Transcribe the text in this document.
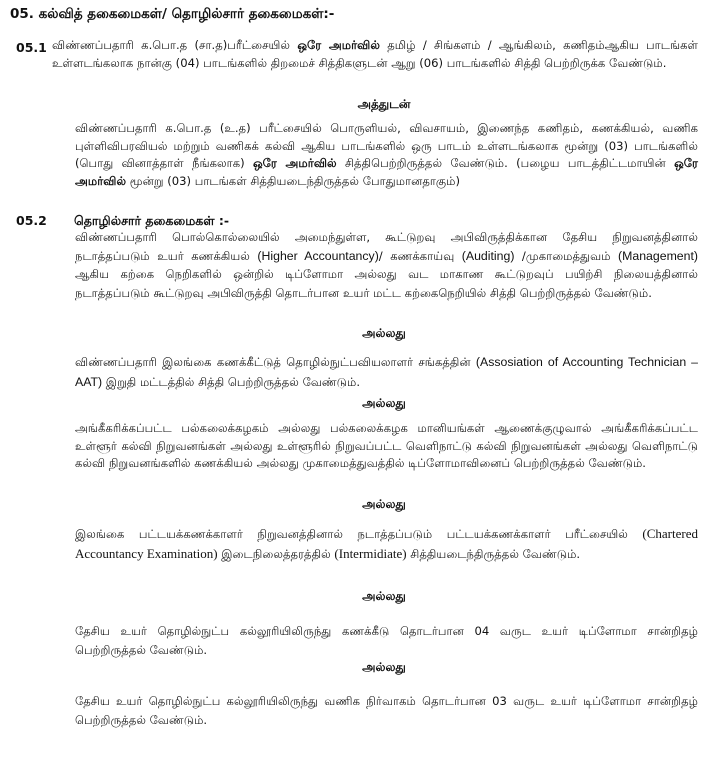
05. கல்வித் தகைமைகள்/ தொழில்சார் தகைமைகள்:-
05.1 விண்ணப்பதாரி க.பொ.த (சா.த)பரீட்சையில் ஒரே அமர்வில் தமிழ் / சிங்களம் / ஆங்கிலம், கணிதம்ஆகிய பாடங்கள் உள்ளடங்கலாக நான்கு (04) பாடங்களில் திறமைச் சித்திகளுடன் ஆறு (06) பாடங்களில் சித்தி பெற்றிருக்க வேண்டும்.
அத்துடன்
விண்ணப்பதாரி க.பொ.த (உ.த) பரீட்சையில் பொருளியல், விவசாயம், இணைந்த கணிதம், கணக்கியல், வணிக புள்ளிவிபரவியல் மற்றும் வணிகக் கல்வி ஆகிய பாடங்களில் ஒரு பாடம் உள்ளடங்கலாக மூன்று (03) பாடங்களில் (பொது வினாத்தாள் நீங்கலாக) ஒரே அமர்வில் சித்திபெற்றிருத்தல் வேண்டும். (பழைய பாடத்திட்டமாயின் ஒரே அமர்வில் மூன்று (03) பாடங்கள் சித்தியடைந்திருத்தல் போதுமானதாகும்)
05.2 தொழில்சார் தகைமைகள் :-
விண்ணப்பதாரி பொல்கொல்லையில் அமைந்துள்ள, கூட்டுறவு அபிவிருத்திக்கான தேசிய நிறுவனத்தினால் நடாத்தப்படும் உயர் கணக்கியல் (Higher Accountancy)/ கணக்காய்வு (Auditing) /முகாமைத்துவம் (Management) ஆகிய கற்கை நெறிகளில் ஒன்றில் டிப்ளோமா அல்லது வட மாகாண கூட்டுறவுப் பயிற்சி நிலையத்தினால் நடாத்தப்படும் கூட்டுறவு அபிவிருத்தி தொடர்பான உயர் மட்ட கற்கைநெறியில் சித்தி பெற்றிருத்தல் வேண்டும்.
அல்லது
விண்ணப்பதாரி இலங்கை கணக்கீட்டுத் தொழில்நுட்பவியலாளர் சங்கத்தின் (Assosiation of Accounting Technician – AAT) இறுதி மட்டத்தில் சித்தி பெற்றிருத்தல் வேண்டும்.
அல்லது
அங்கீகரிக்கப்பட்ட பல்கலைக்கழகம் அல்லது பல்கலைக்கழக மானியங்கள் ஆணைக்குழுவால் அங்கீகரிக்கப்பட்ட உள்ளூர் கல்வி நிறுவனங்கள் அல்லது உள்ளூரில் நிறுவப்பட்ட வெளிநாட்டு கல்வி நிறுவனங்கள் அல்லது வெளிநாட்டு கல்வி நிறுவனங்களில் கணக்கியல் அல்லது முகாமைத்துவத்தில் டிப்ளோமாவினைப் பெற்றிருத்தல் வேண்டும்.
அல்லது
இலங்கை பட்டயக்கணக்காளர் நிறுவனத்தினால் நடாத்தப்படும் பட்டயக்கணக்காளர் பரீட்சையில் (Chartered Accountancy Examination) இடைநிலைத்தரத்தில் (Intermidiate) சித்தியடைந்திருத்தல் வேண்டும்.
அல்லது
தேசிய உயர் தொழில்நுட்ப கல்லூரியிலிருந்து கணக்கீடு தொடர்பான 04 வருட உயர் டிப்ளோமா சான்றிதழ் பெற்றிருத்தல் வேண்டும்.
அல்லது
தேசிய உயர் தொழில்நுட்ப கல்லூரியிலிருந்து வணிக நிர்வாகம் தொடர்பான 03 வருட உயர் டிப்ளோமா சான்றிதழ் பெற்றிருத்தல் வேண்டும்.
